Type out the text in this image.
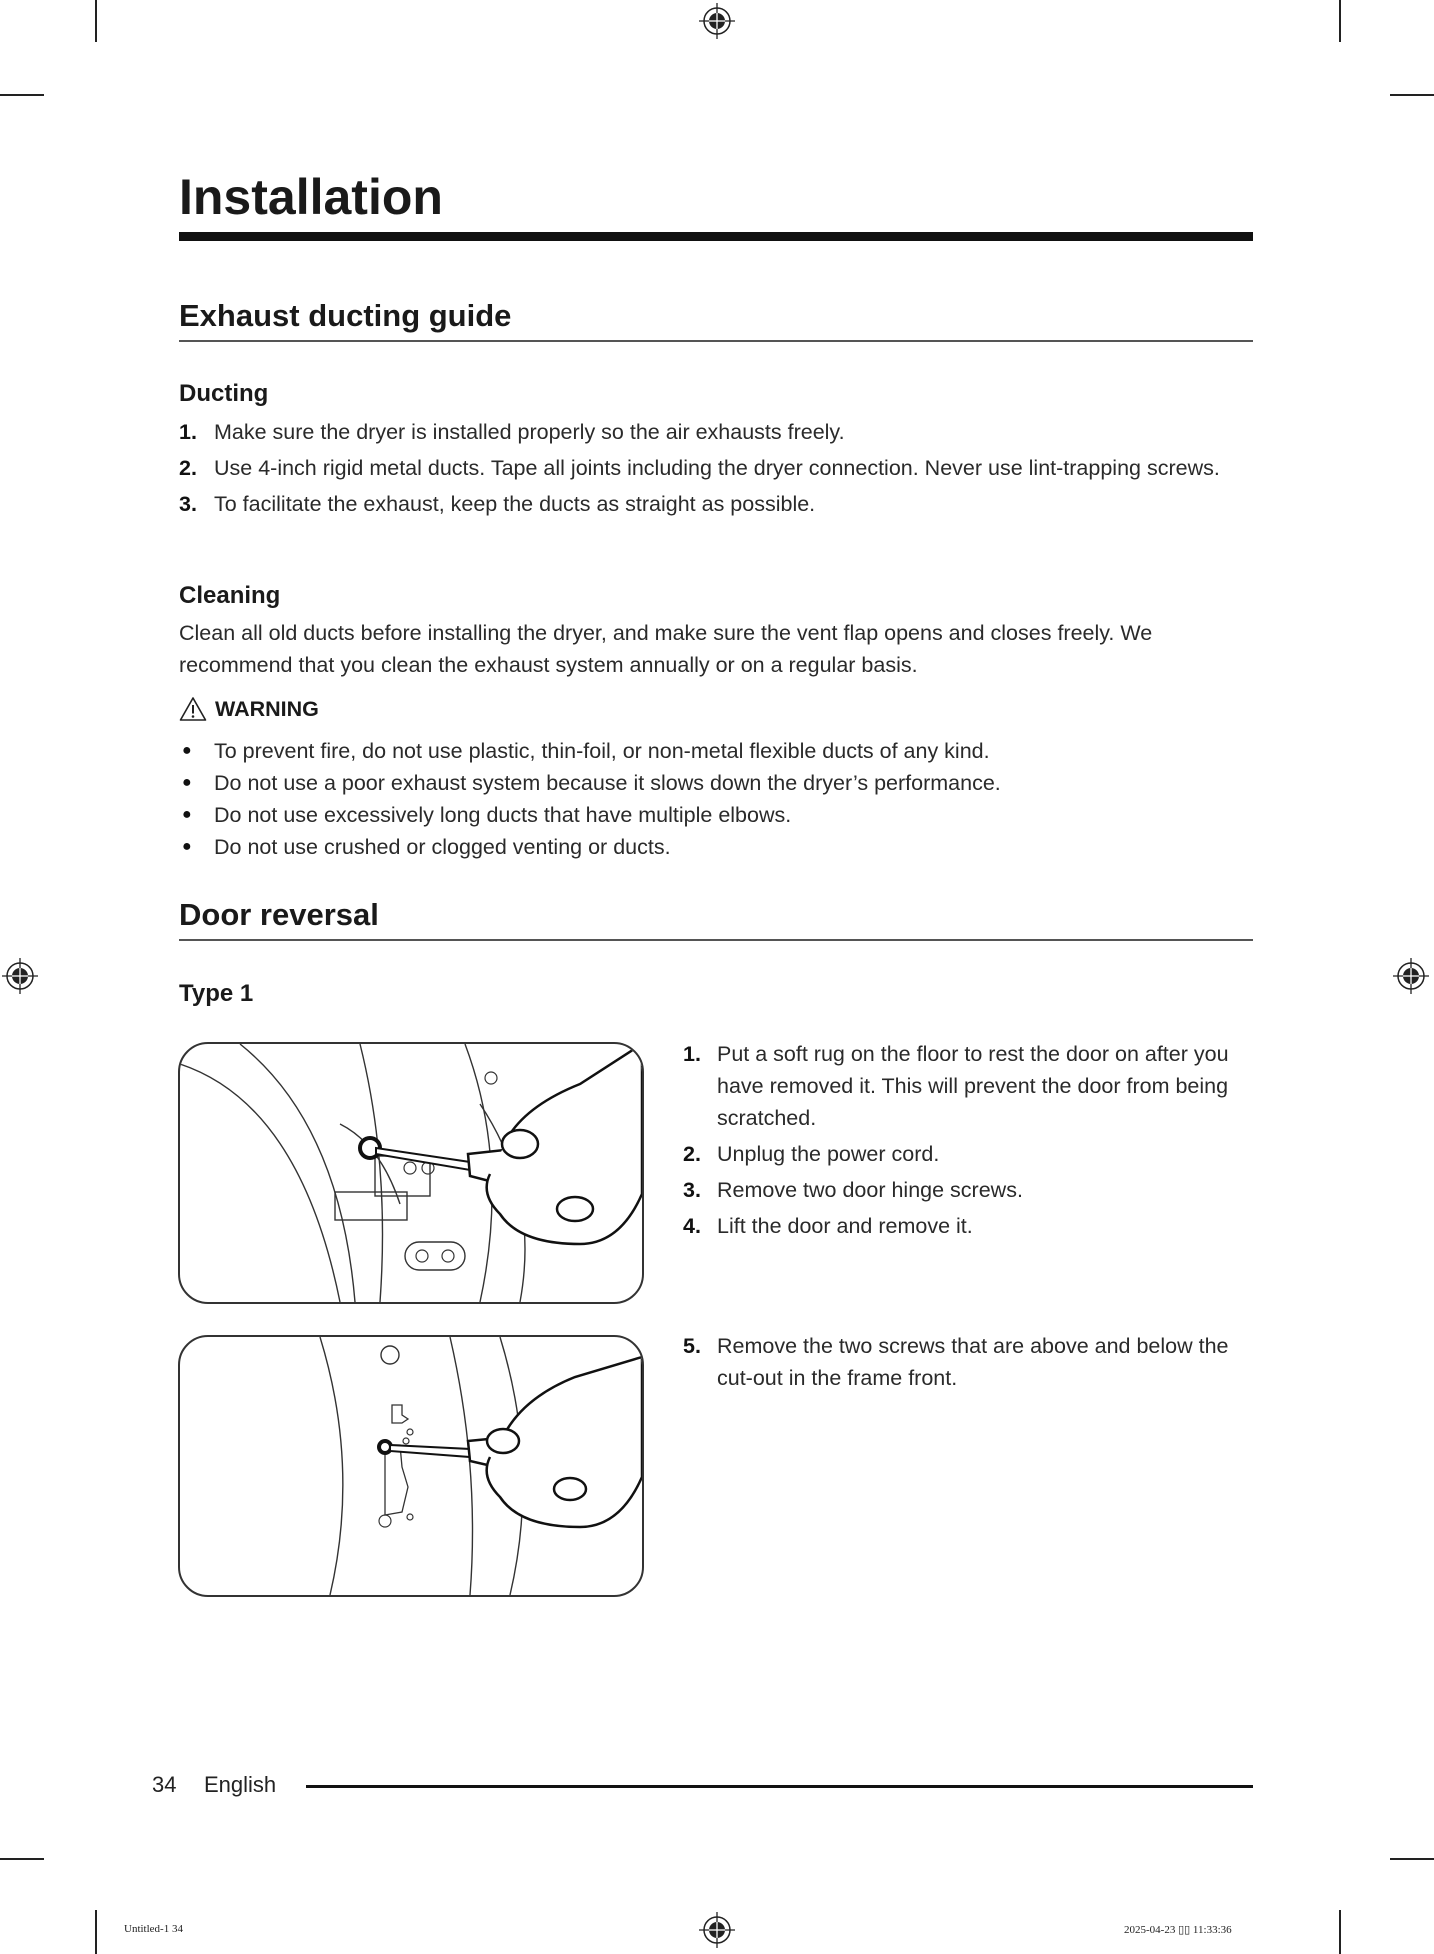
Installation
Exhaust ducting guide
Ducting
1. Make sure the dryer is installed properly so the air exhausts freely.
2. Use 4-inch rigid metal ducts. Tape all joints including the dryer connection. Never use lint-trapping screws.
3. To facilitate the exhaust, keep the ducts as straight as possible.
Cleaning
Clean all old ducts before installing the dryer, and make sure the vent flap opens and closes freely. We recommend that you clean the exhaust system annually or on a regular basis.
WARNING
● To prevent fire, do not use plastic, thin-foil, or non-metal flexible ducts of any kind.
● Do not use a poor exhaust system because it slows down the dryer’s performance.
● Do not use excessively long ducts that have multiple elbows.
● Do not use crushed or clogged venting or ducts.
Door reversal
Type 1
1. Put a soft rug on the floor to rest the door on after you have removed it. This will prevent the door from being scratched.
2. Unplug the power cord.
3. Remove two door hinge screws.
4. Lift the door and remove it.
5. Remove the two screws that are above and below the cut-out in the frame front.
34 English
Untitled-1 34	2025-04-23 ▯▯ 11:33:36
